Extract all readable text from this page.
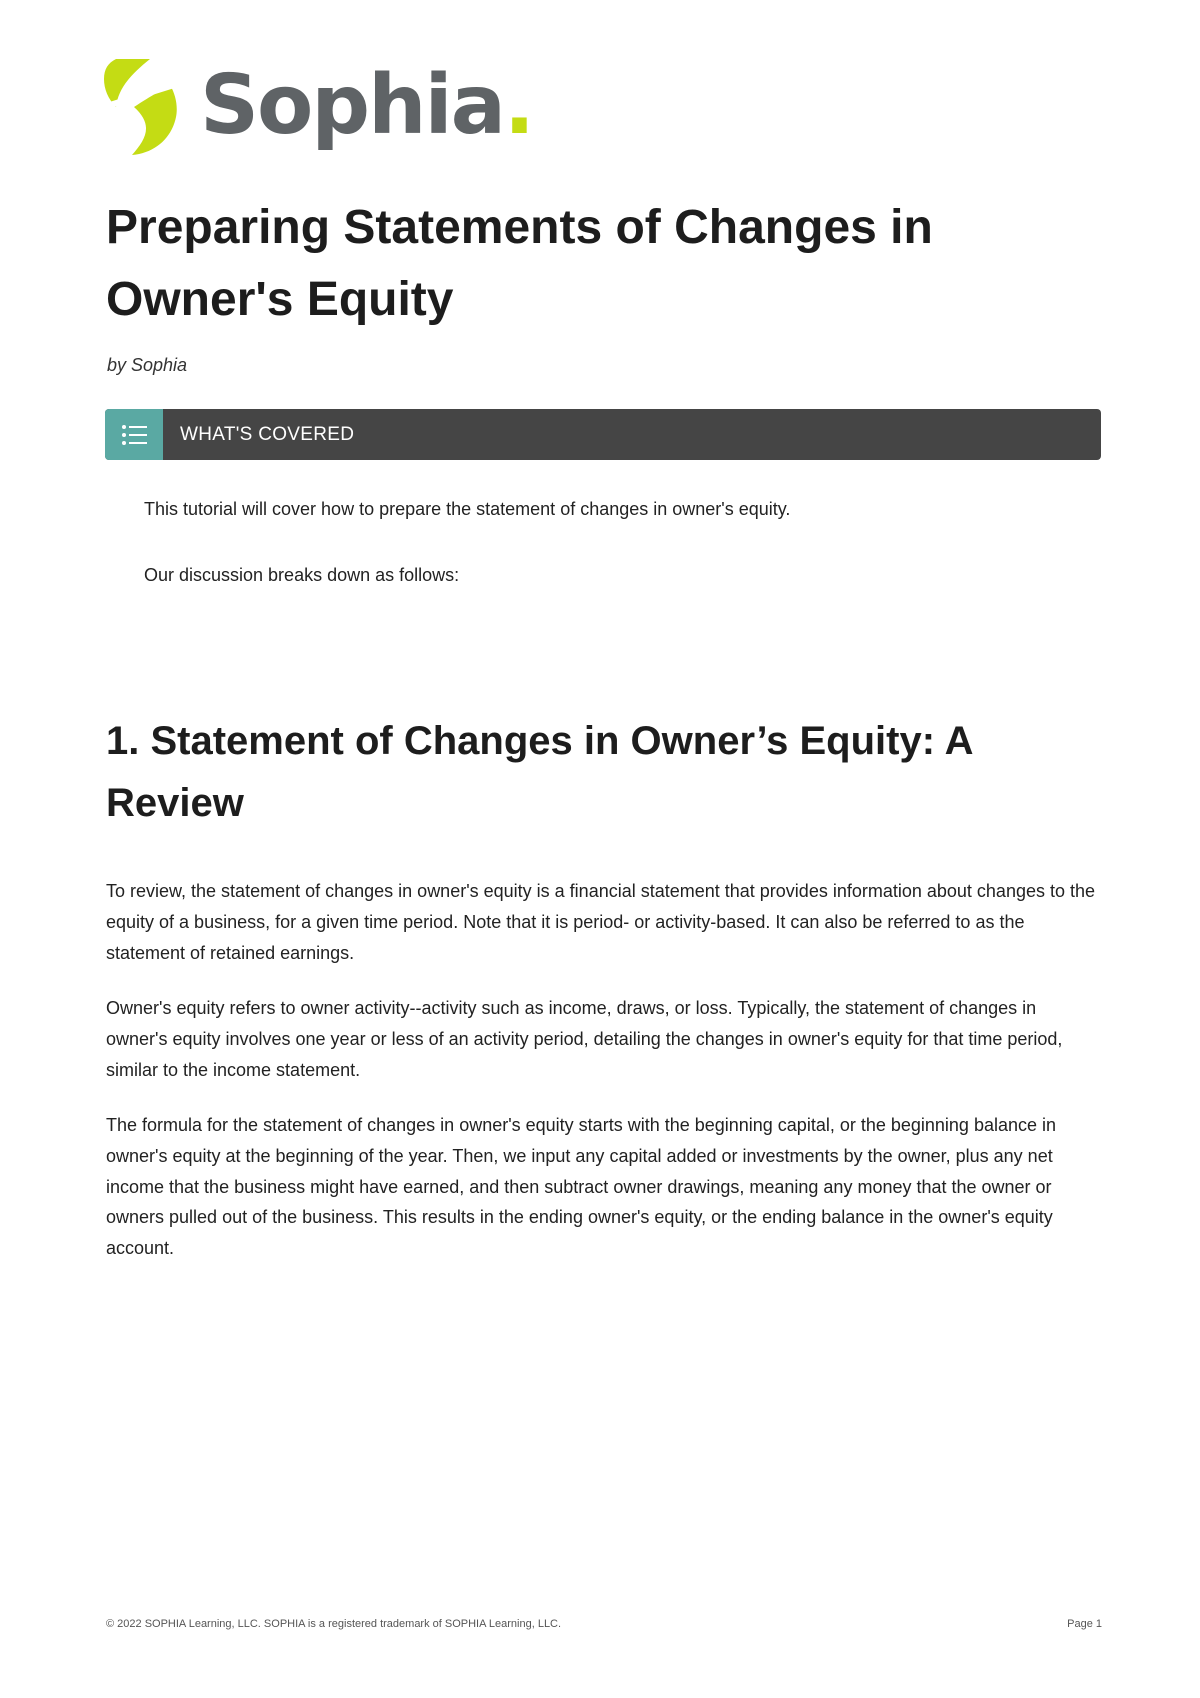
Sophia.
Preparing Statements of Changes in Owner's Equity
by Sophia
WHAT'S COVERED

This tutorial will cover how to prepare the statement of changes in owner's equity.

Our discussion breaks down as follows:

1. Statement of Changes in Owner’s Equity: A Review

To review, the statement of changes in owner's equity is a financial statement that provides information about changes to the equity of a business, for a given time period. Note that it is period- or activity-based. It can also be referred to as the statement of retained earnings.

Owner's equity refers to owner activity--activity such as income, draws, or loss. Typically, the statement of changes in owner's equity involves one year or less of an activity period, detailing the changes in owner's equity for that time period, similar to the income statement.

The formula for the statement of changes in owner's equity starts with the beginning capital, or the beginning balance in owner's equity at the beginning of the year. Then, we input any capital added or investments by the owner, plus any net income that the business might have earned, and then subtract owner drawings, meaning any money that the owner or owners pulled out of the business. This results in the ending owner's equity, or the ending balance in the owner's equity account.

© 2022 SOPHIA Learning, LLC. SOPHIA is a registered trademark of SOPHIA Learning, LLC.	Page 1
